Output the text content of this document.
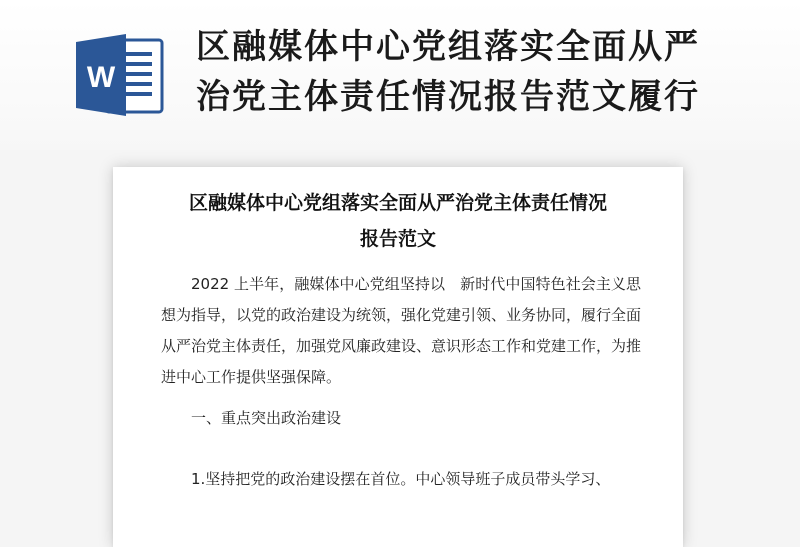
W
区融媒体中心党组落实全面从严
治党主体责任情况报告范文履行
区融媒体中心党组落实全面从严治党主体责任情况
报告范文

2022 上半年，融媒体中心党组坚持以　新时代中国特色社会主义思想为指导，以党的政治建设为统领，强化党建引领、业务协同，履行全面从严治党主体责任，加强党风廉政建设、意识形态工作和党建工作，为推进中心工作提供坚强保障。

一、重点突出政治建设

1.坚持把党的政治建设摆在首位。中心领导班子成员带头学习、
